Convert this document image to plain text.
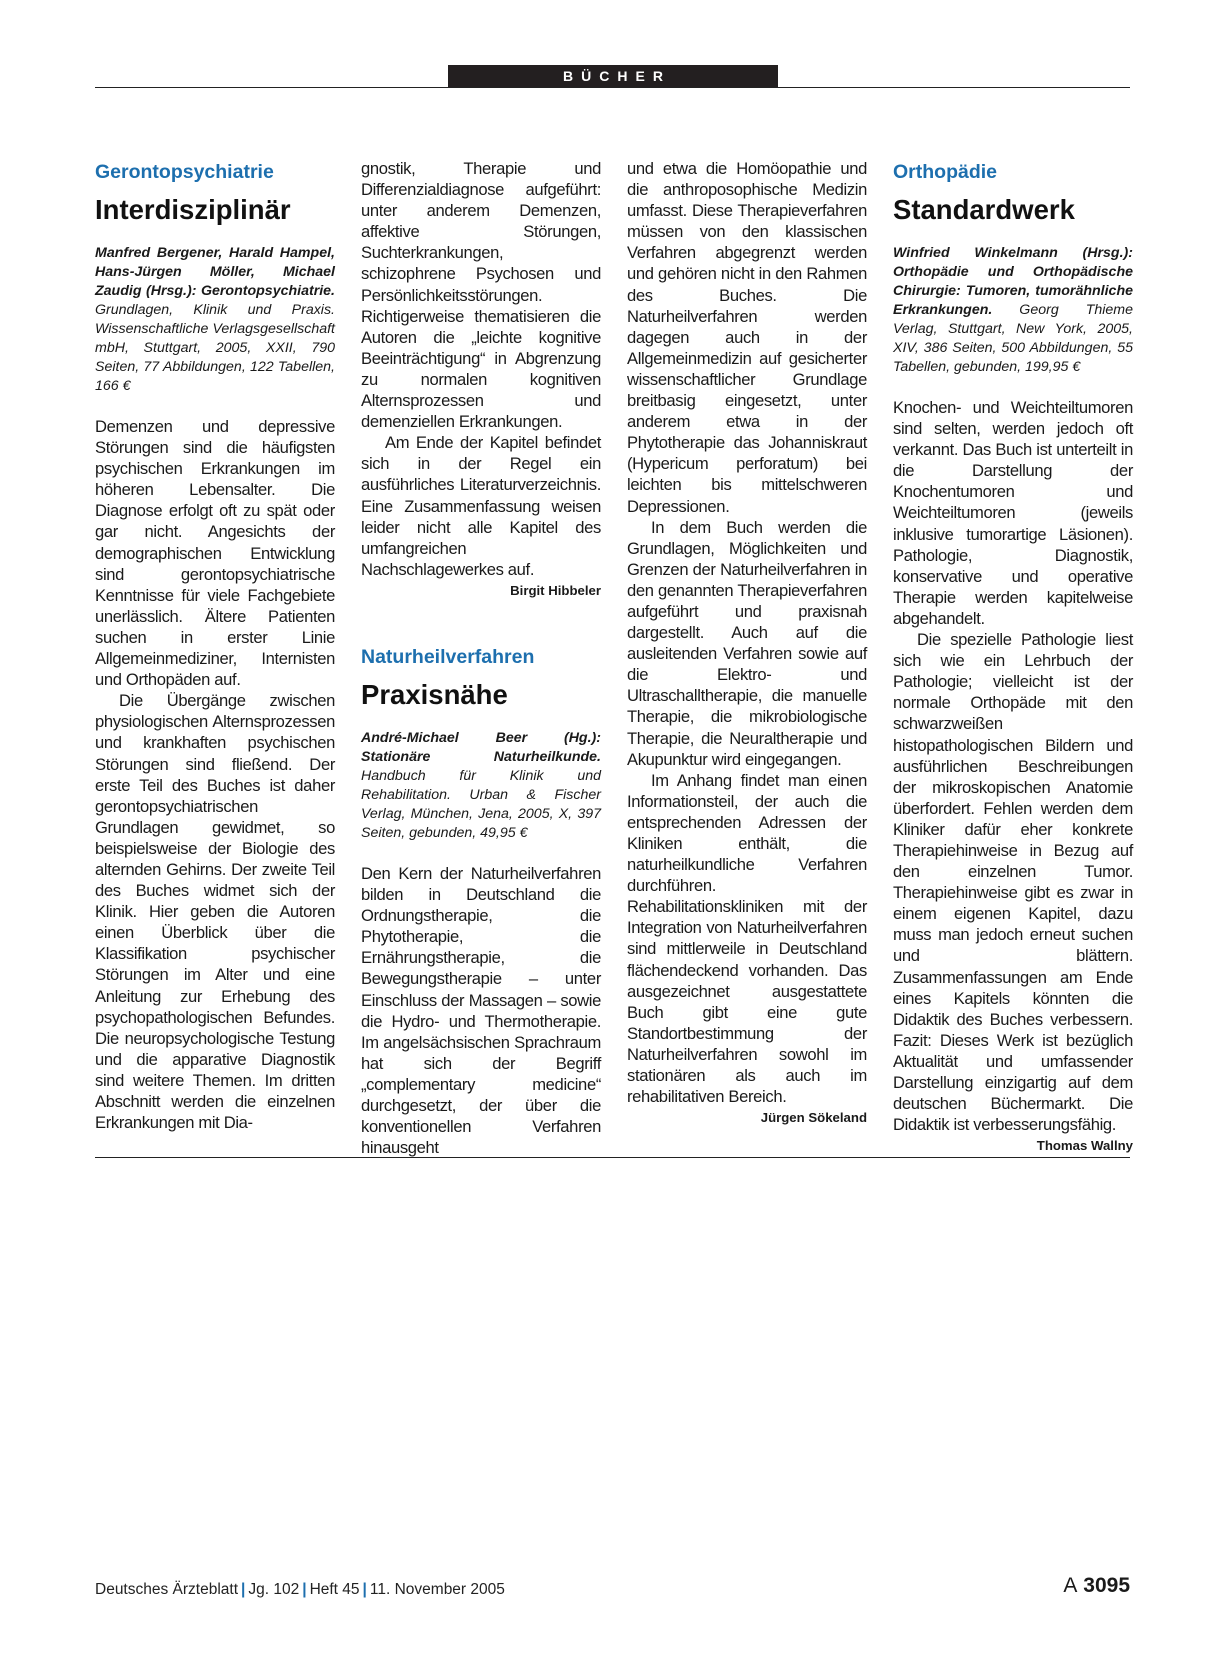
BÜCHER
Gerontopsychiatrie
Interdisziplinär

Manfred Bergener, Harald Hampel, Hans-Jürgen Möller, Michael Zaudig (Hrsg.): Gerontopsychiatrie. Grundlagen, Klinik und Praxis. Wissenschaftliche Verlagsgesellschaft mbH, Stuttgart, 2005, XXII, 790 Seiten, 77 Abbildungen, 122 Tabellen, 166 €

Demenzen und depressive Störungen sind die häufigsten psychischen Erkrankungen im höheren Lebensalter. Die Diagnose erfolgt oft zu spät oder gar nicht. Angesichts der demographischen Entwicklung sind gerontopsychiatrische Kenntnisse für viele Fachgebiete unerlässlich. Ältere Patienten suchen in erster Linie Allgemeinmediziner, Internisten und Orthopäden auf.

Die Übergänge zwischen physiologischen Alternsprozessen und krankhaften psychischen Störungen sind fließend. Der erste Teil des Buches ist daher gerontopsychiatrischen Grundlagen gewidmet, so beispielsweise der Biologie des alternden Gehirns. Der zweite Teil des Buches widmet sich der Klinik. Hier geben die Autoren einen Überblick über die Klassifikation psychischer Störungen im Alter und eine Anleitung zur Erhebung des psychopathologischen Befundes. Die neuropsychologische Testung und die apparative Diagnostik sind weitere Themen. Im dritten Abschnitt werden die einzelnen Erkrankungen mit Dia-

gnostik, Therapie und Differenzialdiagnose aufgeführt: unter anderem Demenzen, affektive Störungen, Suchterkrankungen, schizophrene Psychosen und Persönlichkeitsstörungen. Richtigerweise thematisieren die Autoren die „leichte kognitive Beeinträchtigung“ in Abgrenzung zu normalen kognitiven Alternsprozessen und demenziellen Erkrankungen.

Am Ende der Kapitel befindet sich in der Regel ein ausführliches Literaturverzeichnis. Eine Zusammenfassung weisen leider nicht alle Kapitel des umfangreichen Nachschlagewerkes auf.
Birgit Hibbeler

Naturheilverfahren
Praxisnähe

André-Michael Beer (Hg.): Stationäre Naturheilkunde. Handbuch für Klinik und Rehabilitation. Urban & Fischer Verlag, München, Jena, 2005, X, 397 Seiten, gebunden, 49,95 €

Den Kern der Naturheilverfahren bilden in Deutschland die Ordnungstherapie, die Phytotherapie, die Ernährungstherapie, die Bewegungstherapie – unter Einschluss der Massagen – sowie die Hydro- und Thermotherapie. Im angelsächsischen Sprachraum hat sich der Begriff „complementary medicine“ durchgesetzt, der über die konventionellen Verfahren hinausgeht

und etwa die Homöopathie und die anthroposophische Medizin umfasst. Diese Therapieverfahren müssen von den klassischen Verfahren abgegrenzt werden und gehören nicht in den Rahmen des Buches. Die Naturheilverfahren werden dagegen auch in der Allgemeinmedizin auf gesicherter wissenschaftlicher Grundlage breitbasig eingesetzt, unter anderem etwa in der Phytotherapie das Johanniskraut (Hypericum perforatum) bei leichten bis mittelschweren Depressionen.

In dem Buch werden die Grundlagen, Möglichkeiten und Grenzen der Naturheilverfahren in den genannten Therapieverfahren aufgeführt und praxisnah dargestellt. Auch auf die ausleitenden Verfahren sowie auf die Elektro- und Ultraschalltherapie, die manuelle Therapie, die mikrobiologische Therapie, die Neuraltherapie und Akupunktur wird eingegangen.

Im Anhang findet man einen Informationsteil, der auch die entsprechenden Adressen der Kliniken enthält, die naturheilkundliche Verfahren durchführen. Rehabilitationskliniken mit der Integration von Naturheilverfahren sind mittlerweile in Deutschland flächendeckend vorhanden. Das ausgezeichnet ausgestattete Buch gibt eine gute Standortbestimmung der Naturheilverfahren sowohl im stationären als auch im rehabilitativen Bereich.
Jürgen Sökeland

Orthopädie
Standardwerk

Winfried Winkelmann (Hrsg.): Orthopädie und Orthopädische Chirurgie: Tumoren, tumorähnliche Erkrankungen. Georg Thieme Verlag, Stuttgart, New York, 2005, XIV, 386 Seiten, 500 Abbildungen, 55 Tabellen, gebunden, 199,95 €

Knochen- und Weichteiltumoren sind selten, werden jedoch oft verkannt. Das Buch ist unterteilt in die Darstellung der Knochentumoren und Weichteiltumoren (jeweils inklusive tumorartige Läsionen). Pathologie, Diagnostik, konservative und operative Therapie werden kapitelweise abgehandelt.

Die spezielle Pathologie liest sich wie ein Lehrbuch der Pathologie; vielleicht ist der normale Orthopäde mit den schwarzweißen histopathologischen Bildern und ausführlichen Beschreibungen der mikroskopischen Anatomie überfordert. Fehlen werden dem Kliniker dafür eher konkrete Therapiehinweise in Bezug auf den einzelnen Tumor. Therapiehinweise gibt es zwar in einem eigenen Kapitel, dazu muss man jedoch erneut suchen und blättern. Zusammenfassungen am Ende eines Kapitels könnten die Didaktik des Buches verbessern. Fazit: Dieses Werk ist bezüglich Aktualität und umfassender Darstellung einzigartig auf dem deutschen Büchermarkt. Die Didaktik ist verbesserungsfähig.
Thomas Wallny

Deutsches Ärzteblatt | Jg. 102 | Heft 45 | 11. November 2005	A 3095
